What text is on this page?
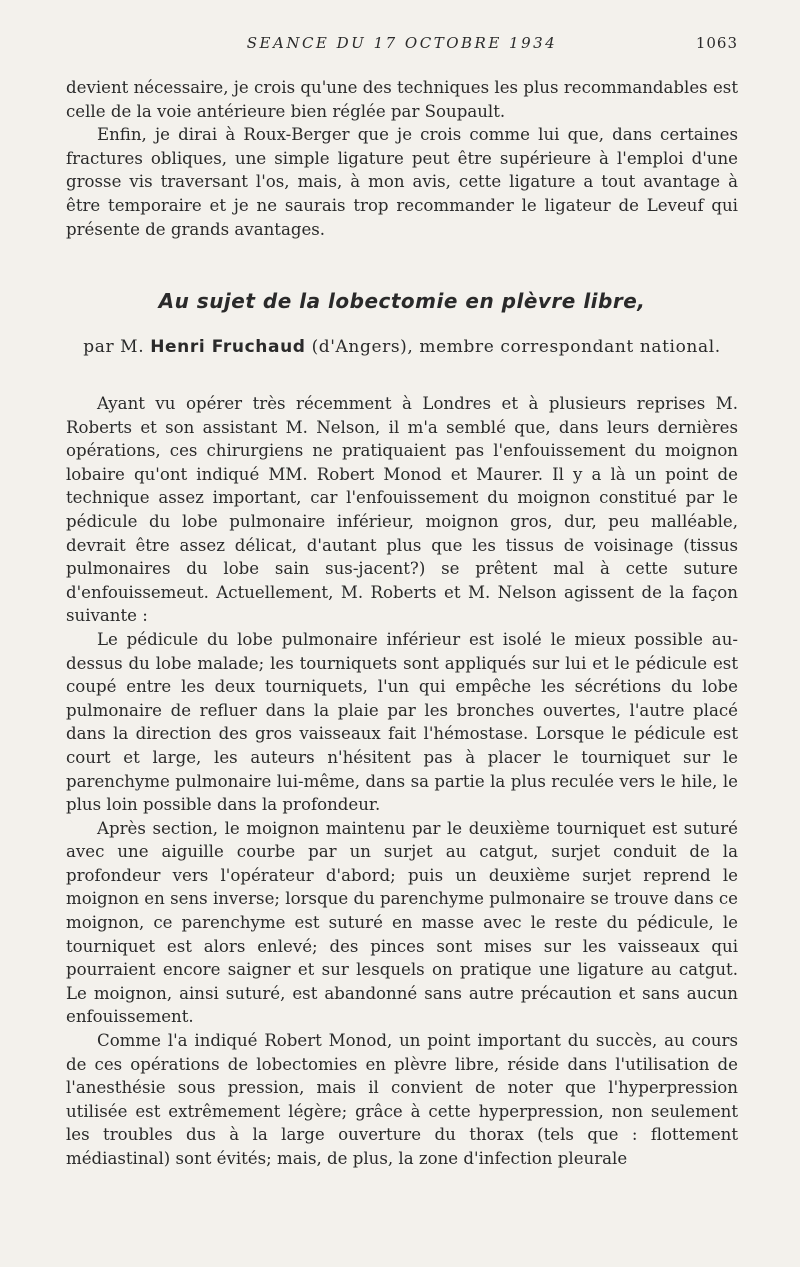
SEANCE DU 17 OCTOBRE 1934	1063

devient nécessaire, je crois qu'une des techniques les plus recommandables est celle de la voie antérieure bien réglée par Soupault.

Enfin, je dirai à Roux-Berger que je crois comme lui que, dans certaines fractures obliques, une simple ligature peut être supérieure à l'emploi d'une grosse vis traversant l'os, mais, à mon avis, cette ligature a tout avantage à être temporaire et je ne saurais trop recommander le ligateur de Leveuf qui présente de grands avantages.

Au sujet de la lobectomie en plèvre libre,
par M. Henri Fruchaud (d'Angers), membre correspondant national.

Ayant vu opérer très récemment à Londres et à plusieurs reprises M. Roberts et son assistant M. Nelson, il m'a semblé que, dans leurs dernières opérations, ces chirurgiens ne pratiquaient pas l'enfouissement du moignon lobaire qu'ont indiqué MM. Robert Monod et Maurer. Il y a là un point de technique assez important, car l'enfouissement du moignon constitué par le pédicule du lobe pulmonaire inférieur, moignon gros, dur, peu malléable, devrait être assez délicat, d'autant plus que les tissus de voisinage (tissus pulmonaires du lobe sain sus-jacent?) se prêtent mal à cette suture d'enfouissemeut. Actuellement, M. Roberts et M. Nelson agissent de la façon suivante :

Le pédicule du lobe pulmonaire inférieur est isolé le mieux possible au-dessus du lobe malade; les tourniquets sont appliqués sur lui et le pédicule est coupé entre les deux tourniquets, l'un qui empêche les sécrétions du lobe pulmonaire de refluer dans la plaie par les bronches ouvertes, l'autre placé dans la direction des gros vaisseaux fait l'hémostase. Lorsque le pédicule est court et large, les auteurs n'hésitent pas à placer le tourniquet sur le parenchyme pulmonaire lui-même, dans sa partie la plus reculée vers le hile, le plus loin possible dans la profondeur.

Après section, le moignon maintenu par le deuxième tourniquet est suturé avec une aiguille courbe par un surjet au catgut, surjet conduit de la profondeur vers l'opérateur d'abord; puis un deuxième surjet reprend le moignon en sens inverse; lorsque du parenchyme pulmonaire se trouve dans ce moignon, ce parenchyme est suturé en masse avec le reste du pédicule, le tourniquet est alors enlevé; des pinces sont mises sur les vaisseaux qui pourraient encore saigner et sur lesquels on pratique une ligature au catgut. Le moignon, ainsi suturé, est abandonné sans autre précaution et sans aucun enfouissement.

Comme l'a indiqué Robert Monod, un point important du succès, au cours de ces opérations de lobectomies en plèvre libre, réside dans l'utilisation de l'anesthésie sous pression, mais il convient de noter que l'hyperpression utilisée est extrêmement légère; grâce à cette hyperpression, non seulement les troubles dus à la large ouverture du thorax (tels que : flottement médiastinal) sont évités; mais, de plus, la zone d'infection pleurale
